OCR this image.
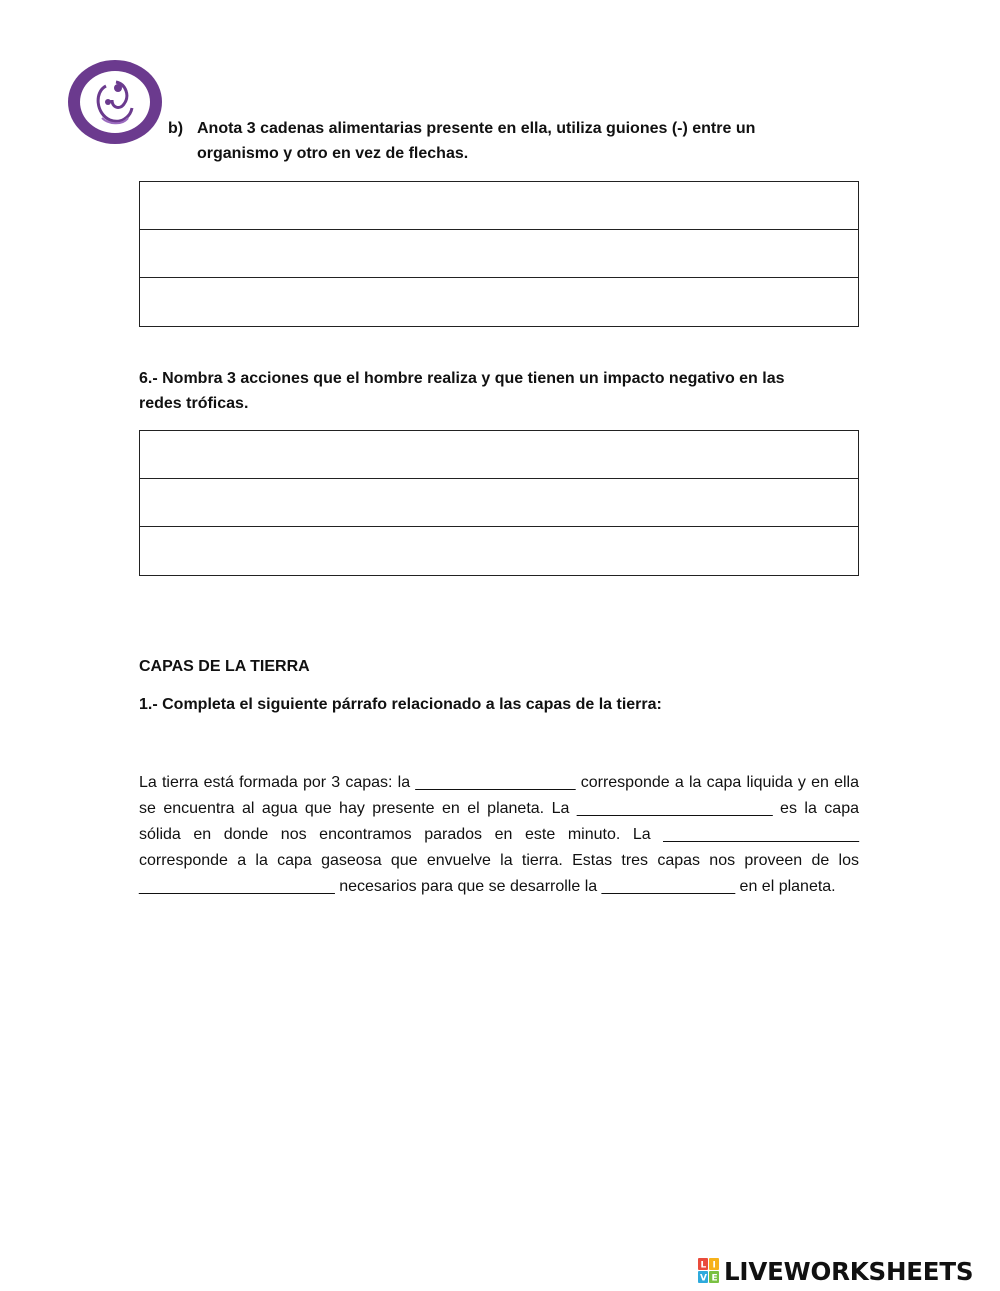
b) Anota 3 cadenas alimentarias presente en ella, utiliza guiones (-) entre un
organismo y otro en vez de flechas.
6.- Nombra 3 acciones que el hombre realiza y que tienen un impacto negativo en las
redes tróficas.
CAPAS DE LA TIERRA
1.- Completa el siguiente párrafo relacionado a las capas de la tierra:
La tierra está formada por 3 capas: la __________________ corresponde a la capa liquida y en ella se encuentra al agua que hay presente en el planeta. La ______________________ es la capa sólida en donde nos encontramos parados en este minuto. La ______________________ corresponde a la capa gaseosa que envuelve la tierra. Estas tres capas nos proveen de los ______________________ necesarios para que se desarrolle la _______________ en el planeta.
L I
V E LIVEWORKSHEETS
